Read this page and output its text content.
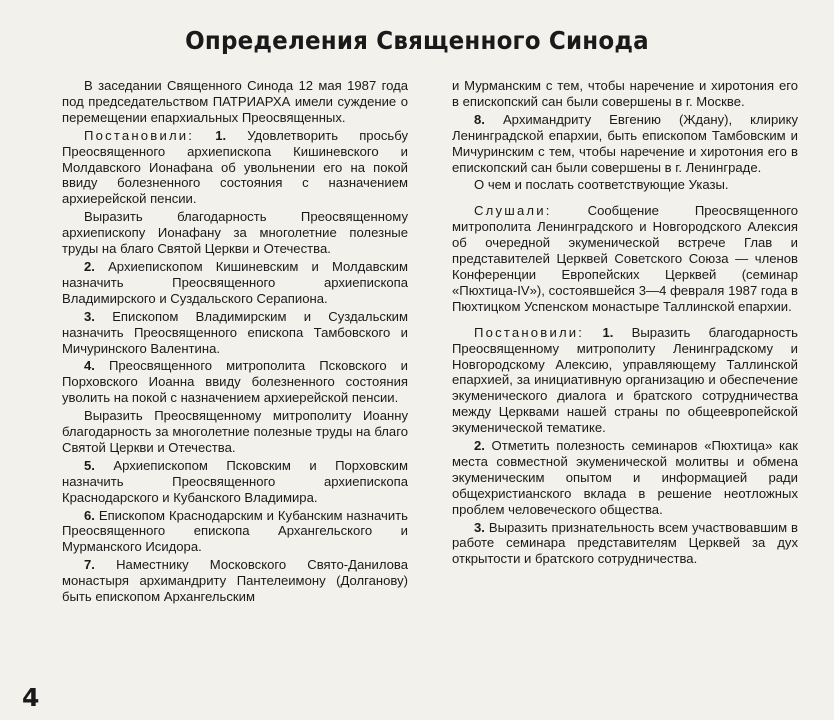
Определения Священного Синода

В заседании Священного Синода 12 мая 1987 года под председательством ПАТРИАРХА имели суждение о перемещении епархиальных Преосвященных.

Постановили: 1. Удовлетворить просьбу Преосвященного архиепископа Кишиневского и Молдавского Ионафана об увольнении его на покой ввиду болезненного состояния с назначением архиерейской пенсии.

Выразить благодарность Преосвященному архиепископу Ионафану за многолетние полезные труды на благо Святой Церкви и Отечества.

2. Архиепископом Кишиневским и Молдавским назначить Преосвященного архиепископа Владимирского и Суздальского Серапиона.

3. Епископом Владимирским и Суздальским назначить Преосвященного епископа Тамбовского и Мичуринского Валентина.

4. Преосвященного митрополита Псковского и Порховского Иоанна ввиду болезненного состояния уволить на покой с назначением архиерейской пенсии.

Выразить Преосвященному митрополиту Иоанну благодарность за многолетние полезные труды на благо Святой Церкви и Отечества.

5. Архиепископом Псковским и Порховским назначить Преосвященного архиепископа Краснодарского и Кубанского Владимира.

6. Епископом Краснодарским и Кубанским назначить Преосвященного епископа Архангельского и Мурманского Исидора.

7. Наместнику Московского Свято-Данилова монастыря архимандриту Пантелеимону (Долганову) быть епископом Архангельским

и Мурманским с тем, чтобы наречение и хиротония его в епископский сан были совершены в г. Москве.

8. Архимандриту Евгению (Ждану), клирику Ленинградской епархии, быть епископом Тамбовским и Мичуринским с тем, чтобы наречение и хиротония его в епископский сан были совершены в г. Ленинграде.

О чем и послать соответствующие Указы.

Слушали:	Сообщение Преосвященного митрополита Ленинградского и Новгородского Алексия об очередной экуменической встрече Глав и представителей Церквей Советского Союза — членов Конференции Европейских Церквей (семинар «Пюхтица-IV»), состоявшейся 3—4 февраля 1987 года в Пюхтицком Успенском монастыре Таллинской епархии.

Постановили: 1. Выразить благодарность Преосвященному митрополиту Ленинградскому и Новгородскому Алексию, управляющему Таллинской епархией, за инициативную организацию и обеспечение экуменического диалога и братского сотрудничества между Церквами нашей страны по общеевропейской экуменической тематике.

2. Отметить полезность семинаров «Пюхтица» как места совместной экуменической молитвы и обмена экуменическим опытом и информацией ради общехристианского вклада в решение неотложных проблем человеческого общества.

3. Выразить признательность всем участвовавшим в работе семинара представителям Церквей за дух открытости и братского сотрудничества.

4
